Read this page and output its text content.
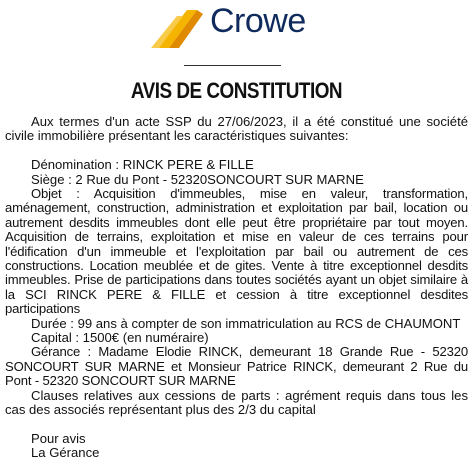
Crowe
AVIS DE CONSTITUTION

Aux termes d'un acte SSP du 27/06/2023, il a été constitué une société civile immobilière présentant les caractéristiques suivantes:

Dénomination : RINCK PERE & FILLE

Siège : 2 Rue du Pont - 52320SONCOURT SUR MARNE

Objet : Acquisition d'immeubles, mise en valeur, transformation, aménagement, construction, administration et exploitation par bail, location ou autrement desdits immeubles dont elle peut être propriétaire par tout moyen. Acquisition de terrains, exploitation et mise en valeur de ces terrains pour l'édification d'un immeuble et l'exploitation par bail ou autrement de ces constructions. Location meublée et de gites. Vente à titre exceptionnel desdits immeubles. Prise de participations dans toutes sociétés ayant un objet similaire à la SCI RINCK PERE & FILLE et cession à titre exceptionnel desdites participations

Durée : 99 ans à compter de son immatriculation au RCS de CHAUMONT

Capital : 1500€ (en numéraire)

Gérance : Madame Elodie RINCK, demeurant 18 Grande Rue - 52320 SONCOURT SUR MARNE et Monsieur Patrice RINCK, demeurant 2 Rue du Pont - 52320 SONCOURT SUR MARNE

Clauses relatives aux cessions de parts : agrément requis dans tous les cas des associés représentant plus des 2/3 du capital

Pour avis

La Gérance
